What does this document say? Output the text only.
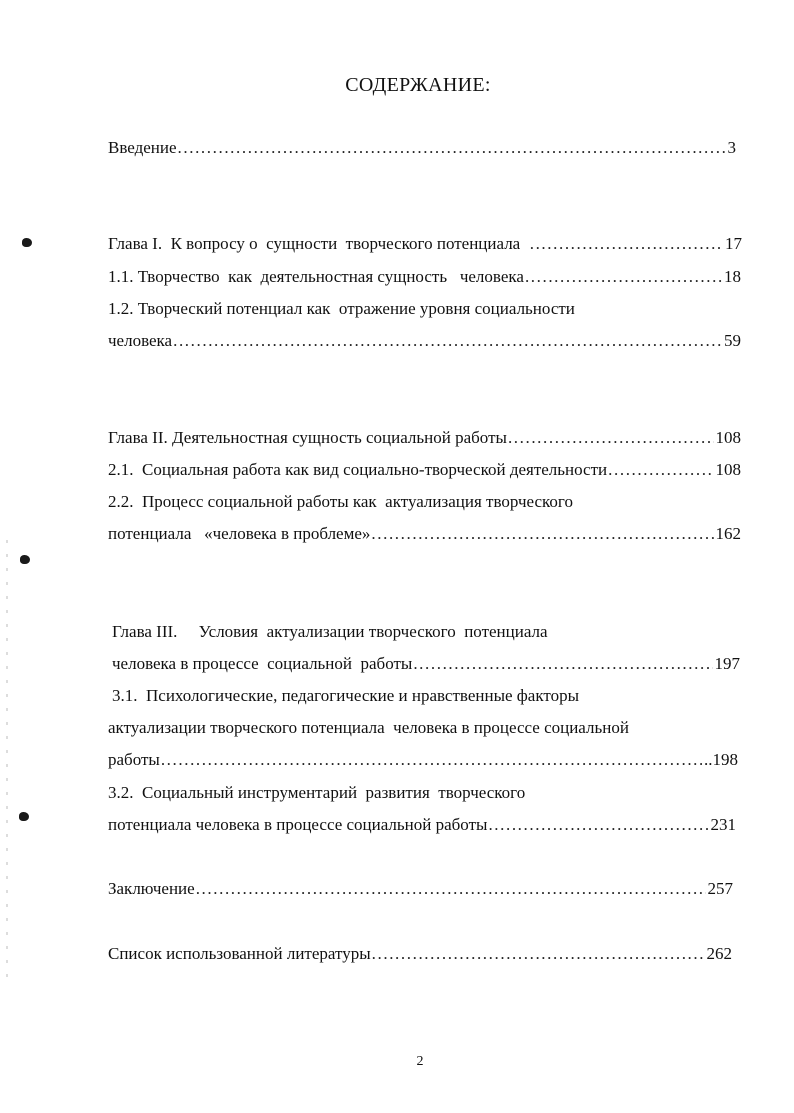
СОДЕРЖАНИЕ:
Введение .....	3
Глава I.  К вопросу о  сущности  творческого потенциала .....	17
1.1. Творчество  как  деятельностная сущность   человека .....	18
1.2. Творческий потенциал как  отражение уровня социальности
человека .....	59
Глава II. Деятельностная сущность социальной работы .....	108
2.1.  Социальная работа как вид социально-творческой деятельности .....	108
2.2.  Процесс социальной работы как  актуализация творческого
потенциала   «человека в проблеме» .....	162
Глава III.     Условия  актуализации творческого  потенциала
человека в процессе  социальной  работы .....	197
3.1.  Психологические, педагогические и нравственные факторы
актуализации творческого потенциала  человека в процессе социальной
работы .....	..198
3.2.  Социальный инструментарий  развития  творческого
потенциала человека в процессе социальной работы .....	231
Заключение .....	257
Список использованной литературы .....	262
2
